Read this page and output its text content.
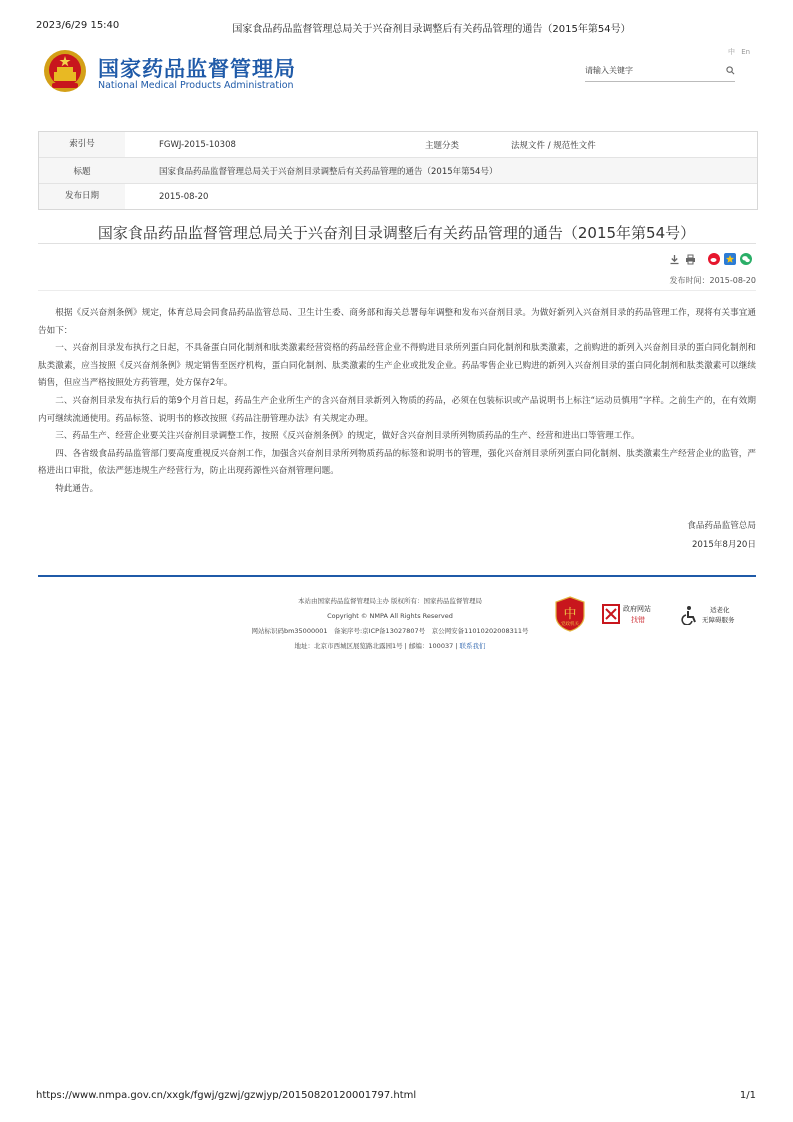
2023/6/29 15:40	国家食品药品监督管理总局关于兴奋剂目录调整后有关药品管理的通告（2015年第54号）
国家药品监督管理局
National Medical Products Administration
中 En
请输入关键字
索引号	FGWJ-2015-10308	主题分类	法规文件 / 规范性文件
标题	国家食品药品监督管理总局关于兴奋剂目录调整后有关药品管理的通告（2015年第54号）
发布日期	2015-08-20
国家食品药品监督管理总局关于兴奋剂目录调整后有关药品管理的通告（2015年第54号）
发布时间：2015-08-20

根据《反兴奋剂条例》规定，体育总局会同食品药品监管总局、卫生计生委、商务部和海关总署每年调整和发布兴奋剂目录。为做好新列入兴奋剂目录的药品管理工作，现将有关事宜通告如下：

一、兴奋剂目录发布执行之日起，不具备蛋白同化制剂和肽类激素经营资格的药品经营企业不得购进目录所列蛋白同化制剂和肽类激素，之前购进的新列入兴奋剂目录的蛋白同化制剂和肽类激素，应当按照《反兴奋剂条例》规定销售至医疗机构，蛋白同化制剂、肽类激素的生产企业或批发企业。药品零售企业已购进的新列入兴奋剂目录的蛋白同化制剂和肽类激素可以继续销售，但应当严格按照处方药管理，处方保存2年。

二、兴奋剂目录发布执行后的第9个月首日起，药品生产企业所生产的含兴奋剂目录新列入物质的药品，必须在包装标识或产品说明书上标注“运动员慎用”字样。之前生产的，在有效期内可继续流通使用。药品标签、说明书的修改按照《药品注册管理办法》有关规定办理。

三、药品生产、经营企业要关注兴奋剂目录调整工作，按照《反兴奋剂条例》的规定，做好含兴奋剂目录所列物质药品的生产、经营和进出口等管理工作。

四、各省级食品药品监管部门要高度重视反兴奋剂工作，加强含兴奋剂目录所列物质药品的标签和说明书的管理，强化兴奋剂目录所列蛋白同化制剂、肽类激素生产经营企业的监管，严格进出口审批，依法严惩违规生产经营行为，防止出现药源性兴奋剂管理问题。

特此通告。

食品药品监管总局
2015年8月20日
本站由国家药品监督管理局主办 版权所有：国家药品监督管理局
Copyright © NMPA All Rights Reserved
网站标识码bm35000001　备案序号:京ICP备13027807号　京公网安备11010202008311号
地址：北京市西城区展览路北露园1号 | 邮编：100037 | 联系我们
中
党政机关
政府网站
找错
适老化
无障碍服务
https://www.nmpa.gov.cn/xxgk/fgwj/gzwj/gzwjyp/20150820120001797.html	1/1
